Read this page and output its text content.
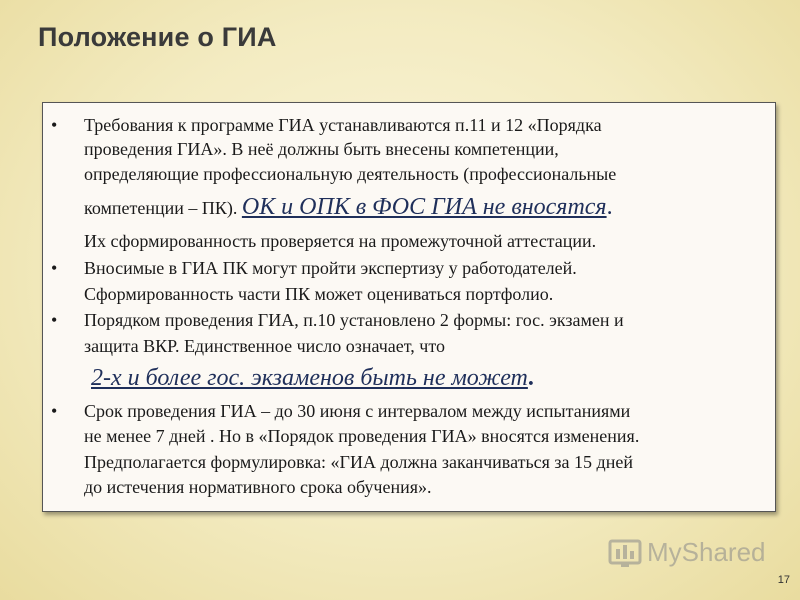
Положение о ГИА
• Требования к программе ГИА устанавливаются п.11 и 12 «Порядка
проведения ГИА». В неё должны быть внесены компетенции,
определяющие профессиональную деятельность (профессиональные
компетенции – ПК). ОК и ОПК в ФОС ГИА не вносятся.
Их сформированность проверяется на промежуточной аттестации.
• Вносимые в ГИА ПК могут пройти экспертизу у работодателей.
Сформированность части ПК может оцениваться портфолио.
• Порядком проведения ГИА, п.10 установлено 2 формы: гос. экзамен и
защита ВКР. Единственное число означает, что
2-х и более гос. экзаменов быть не может.
• Срок проведения ГИА – до 30 июня с интервалом между испытаниями
не менее 7 дней . Но в «Порядок проведения ГИА» вносятся изменения.
Предполагается формулировка: «ГИА должна заканчиваться за 15 дней
до истечения нормативного срока обучения».
MyShared
17
